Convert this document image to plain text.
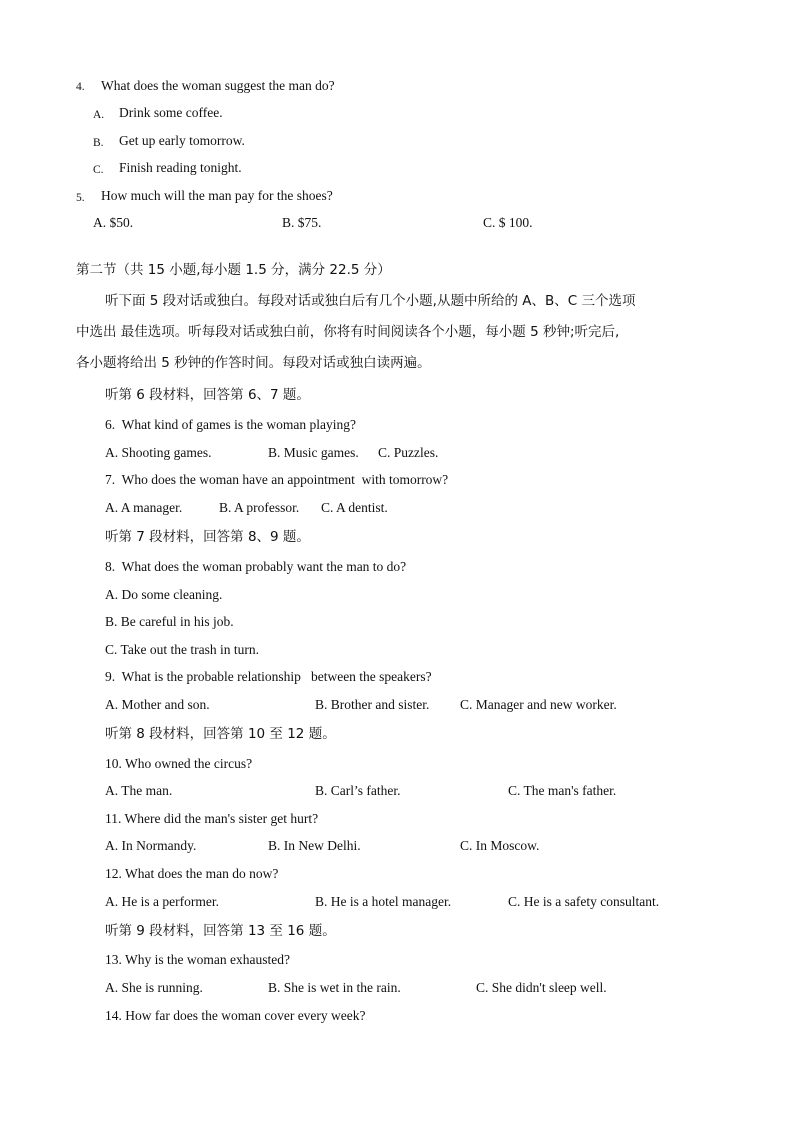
4. What does the woman suggest the man do?
A. Drink some coffee.
B. Get up early tomorrow.
C. Finish reading tonight.
5. How much will the man pay for the shoes?
A. $50.	B. $75.	C. $ 100.
第二节（共 15 小题,每小题 1.5 分，满分 22.5 分）
听下面 5 段对话或独白。每段对话或独白后有几个小题,从题中所给的 A、B、C 三个选项
中选出 最佳选项。听每段对话或独白前，你将有时间阅读各个小题，每小题 5 秒钟;听完后,
各小题将给出 5 秒钟的作答时间。每段对话或独白读两遍。
听第 6 段材料，回答第 6、7 题。
6.  What kind of games is the woman playing?
A. Shooting games.	B. Music games. C. Puzzles.
7.  Who does the woman have an appointment  with tomorrow?
A. A manager.	B. A professor. C. A dentist.
听第 7 段材料，回答第 8、9 题。
8.  What does the woman probably want the man to do?
A. Do some cleaning.
B. Be careful in his job.
C. Take out the trash in turn.
9.  What is the probable relationship   between the speakers?
A. Mother and son.	B. Brother and sister. C. Manager and new worker.
听第 8 段材料，回答第 10 至 12 题。
10. Who owned the circus?
A. The man.	B. Carl’s father.	C. The man's father.
11. Where did the man's sister get hurt?
A. In Normandy.	B. In New Delhi.	C. In Moscow.
12. What does the man do now?
A. He is a performer.	B. He is a hotel manager.	C. He is a safety consultant.
听第 9 段材料，回答第 13 至 16 题。
13. Why is the woman exhausted?
A. She is running.	B. She is wet in the rain.	C. She didn't sleep well.
14. How far does the woman cover every week?
